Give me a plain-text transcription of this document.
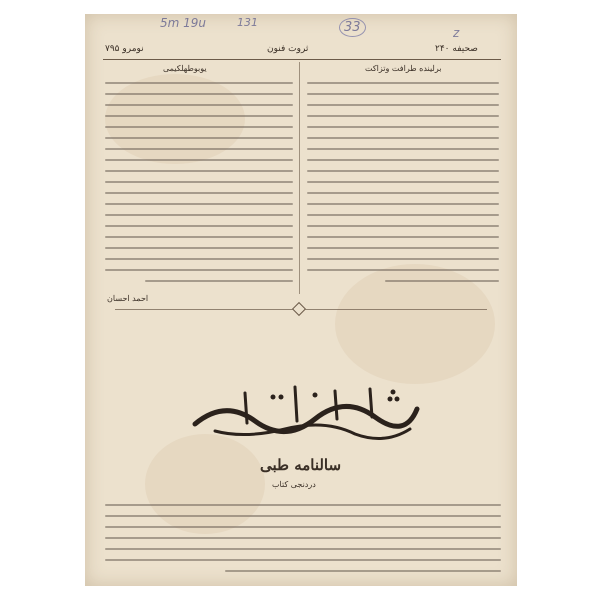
5m 19u	131	33	z
نومرو ۷۹۵	ثروت فنون	صحیفه ۲۴۰
یوبوطهلکیمی	برلینده طرافت وتزاکت
احمد احسان
سالنامه طبی
دردنجی کتاب
